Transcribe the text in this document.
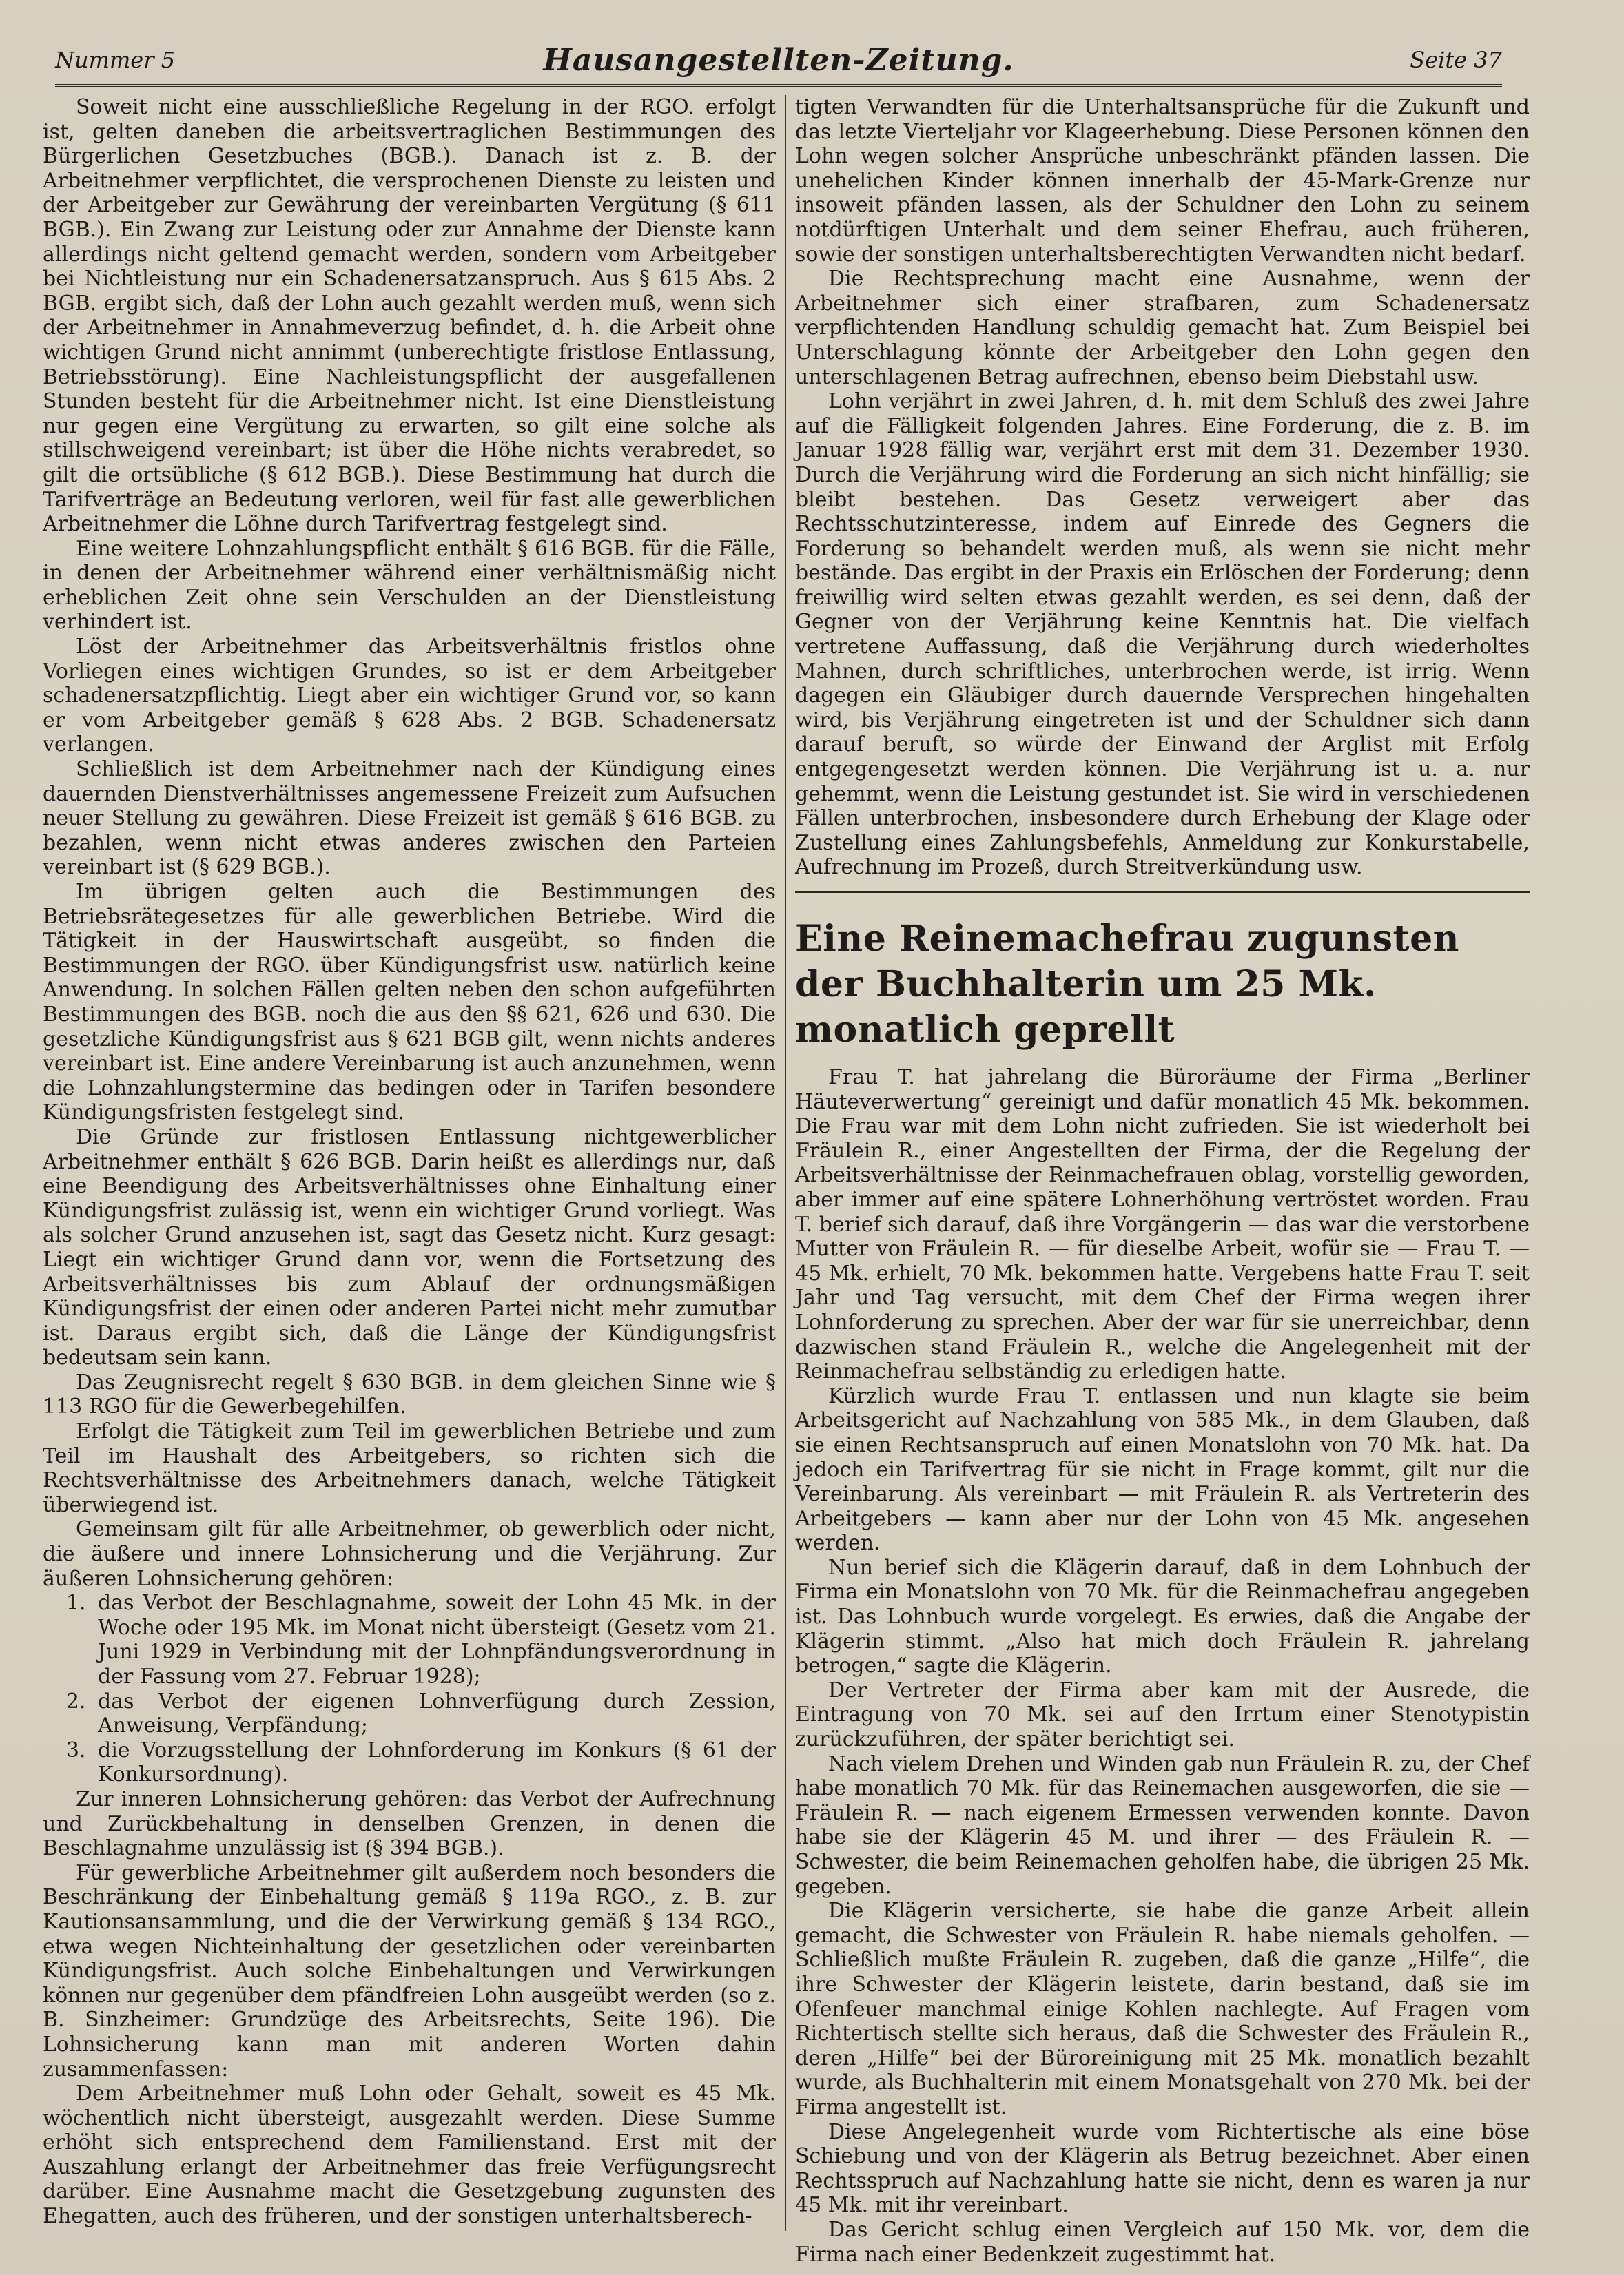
Nummer 5	Hausangestellten-Zeitung.	Seite 37

Soweit nicht eine ausschließliche Regelung in der RGO. erfolgt ist, gelten daneben die arbeitsvertraglichen Bestimmungen des Bürgerlichen Gesetzbuches (BGB.). Danach ist z. B. der Arbeitnehmer verpflichtet, die versprochenen Dienste zu leisten und der Arbeitgeber zur Gewährung der vereinbarten Vergütung (§ 611 BGB.). Ein Zwang zur Leistung oder zur Annahme der Dienste kann allerdings nicht geltend gemacht werden, sondern vom Arbeitgeber bei Nichtleistung nur ein Schadenersatzanspruch. Aus § 615 Abs. 2 BGB. ergibt sich, daß der Lohn auch gezahlt werden muß, wenn sich der Arbeitnehmer in Annahmeverzug befindet, d. h. die Arbeit ohne wichtigen Grund nicht annimmt (unberechtigte fristlose Entlassung, Betriebsstörung). Eine Nachleistungspflicht der ausgefallenen Stunden besteht für die Arbeitnehmer nicht. Ist eine Dienstleistung nur gegen eine Vergütung zu erwarten, so gilt eine solche als stillschweigend vereinbart; ist über die Höhe nichts verabredet, so gilt die ortsübliche (§ 612 BGB.). Diese Bestimmung hat durch die Tarifverträge an Bedeutung verloren, weil für fast alle gewerblichen Arbeitnehmer die Löhne durch Tarifvertrag festgelegt sind.

Eine weitere Lohnzahlungspflicht enthält § 616 BGB. für die Fälle, in denen der Arbeitnehmer während einer verhältnismäßig nicht erheblichen Zeit ohne sein Verschulden an der Dienstleistung verhindert ist.

Löst der Arbeitnehmer das Arbeitsverhältnis fristlos ohne Vorliegen eines wichtigen Grundes, so ist er dem Arbeitgeber schadenersatzpflichtig. Liegt aber ein wichtiger Grund vor, so kann er vom Arbeitgeber gemäß § 628 Abs. 2 BGB. Schadenersatz verlangen.

Schließlich ist dem Arbeitnehmer nach der Kündigung eines dauernden Dienstverhältnisses angemessene Freizeit zum Aufsuchen neuer Stellung zu gewähren. Diese Freizeit ist gemäß § 616 BGB. zu bezahlen, wenn nicht etwas anderes zwischen den Parteien vereinbart ist (§ 629 BGB.).

Im übrigen gelten auch die Bestimmungen des Betriebsrätegesetzes für alle gewerblichen Betriebe. Wird die Tätigkeit in der Hauswirtschaft ausgeübt, so finden die Bestimmungen der RGO. über Kündigungsfrist usw. natürlich keine Anwendung. In solchen Fällen gelten neben den schon aufgeführten Bestimmungen des BGB. noch die aus den §§ 621, 626 und 630. Die gesetzliche Kündigungsfrist aus § 621 BGB gilt, wenn nichts anderes vereinbart ist. Eine andere Vereinbarung ist auch anzunehmen, wenn die Lohnzahlungstermine das bedingen oder in Tarifen besondere Kündigungsfristen festgelegt sind.

Die Gründe zur fristlosen Entlassung nichtgewerblicher Arbeitnehmer enthält § 626 BGB. Darin heißt es allerdings nur, daß eine Beendigung des Arbeitsverhältnisses ohne Einhaltung einer Kündigungsfrist zulässig ist, wenn ein wichtiger Grund vorliegt. Was als solcher Grund anzusehen ist, sagt das Gesetz nicht. Kurz gesagt: Liegt ein wichtiger Grund dann vor, wenn die Fortsetzung des Arbeitsverhältnisses bis zum Ablauf der ordnungsmäßigen Kündigungsfrist der einen oder anderen Partei nicht mehr zumutbar ist. Daraus ergibt sich, daß die Länge der Kündigungsfrist bedeutsam sein kann.

Das Zeugnisrecht regelt § 630 BGB. in dem gleichen Sinne wie § 113 RGO für die Gewerbegehilfen.

Erfolgt die Tätigkeit zum Teil im gewerblichen Betriebe und zum Teil im Haushalt des Arbeitgebers, so richten sich die Rechtsverhältnisse des Arbeitnehmers danach, welche Tätigkeit überwiegend ist.

Gemeinsam gilt für alle Arbeitnehmer, ob gewerblich oder nicht, die äußere und innere Lohnsicherung und die Verjährung. Zur äußeren Lohnsicherung gehören:

1. das Verbot der Beschlagnahme, soweit der Lohn 45 Mk. in der Woche oder 195 Mk. im Monat nicht übersteigt (Gesetz vom 21. Juni 1929 in Verbindung mit der Lohnpfändungsverordnung in der Fassung vom 27. Februar 1928);
2. das Verbot der eigenen Lohnverfügung durch Zession, Anweisung, Verpfändung;
3. die Vorzugsstellung der Lohnforderung im Konkurs (§ 61 der Konkursordnung).

Zur inneren Lohnsicherung gehören: das Verbot der Aufrechnung und Zurückbehaltung in denselben Grenzen, in denen die Beschlagnahme unzulässig ist (§ 394 BGB.).

Für gewerbliche Arbeitnehmer gilt außerdem noch besonders die Beschränkung der Einbehaltung gemäß § 119a RGO., z. B. zur Kautionsansammlung, und die der Verwirkung gemäß § 134 RGO., etwa wegen Nichteinhaltung der gesetzlichen oder vereinbarten Kündigungsfrist. Auch solche Einbehaltungen und Verwirkungen können nur gegenüber dem pfändfreien Lohn ausgeübt werden (so z. B. Sinzheimer: Grundzüge des Arbeitsrechts, Seite 196). Die Lohnsicherung kann man mit anderen Worten dahin zusammenfassen:

Dem Arbeitnehmer muß Lohn oder Gehalt, soweit es 45 Mk. wöchentlich nicht übersteigt, ausgezahlt werden. Diese Summe erhöht sich entsprechend dem Familienstand. Erst mit der Auszahlung erlangt der Arbeitnehmer das freie Verfügungsrecht darüber. Eine Ausnahme macht die Gesetzgebung zugunsten des Ehegatten, auch des früheren, und der sonstigen unterhaltsberech-

tigten Verwandten für die Unterhaltsansprüche für die Zukunft und das letzte Vierteljahr vor Klageerhebung. Diese Personen können den Lohn wegen solcher Ansprüche unbeschränkt pfänden lassen. Die unehelichen Kinder können innerhalb der 45-Mark-Grenze nur insoweit pfänden lassen, als der Schuldner den Lohn zu seinem notdürftigen Unterhalt und dem seiner Ehefrau, auch früheren, sowie der sonstigen unterhaltsberechtigten Verwandten nicht bedarf.

Die Rechtsprechung macht eine Ausnahme, wenn der Arbeitnehmer sich einer strafbaren, zum Schadenersatz verpflichtenden Handlung schuldig gemacht hat. Zum Beispiel bei Unterschlagung könnte der Arbeitgeber den Lohn gegen den unterschlagenen Betrag aufrechnen, ebenso beim Diebstahl usw.

Lohn verjährt in zwei Jahren, d. h. mit dem Schluß des zwei Jahre auf die Fälligkeit folgenden Jahres. Eine Forderung, die z. B. im Januar 1928 fällig war, verjährt erst mit dem 31. Dezember 1930. Durch die Verjährung wird die Forderung an sich nicht hinfällig; sie bleibt bestehen. Das Gesetz verweigert aber das Rechtsschutzinteresse, indem auf Einrede des Gegners die Forderung so behandelt werden muß, als wenn sie nicht mehr bestände. Das ergibt in der Praxis ein Erlöschen der Forderung; denn freiwillig wird selten etwas gezahlt werden, es sei denn, daß der Gegner von der Verjährung keine Kenntnis hat. Die vielfach vertretene Auffassung, daß die Verjährung durch wiederholtes Mahnen, durch schriftliches, unterbrochen werde, ist irrig. Wenn dagegen ein Gläubiger durch dauernde Versprechen hingehalten wird, bis Verjährung eingetreten ist und der Schuldner sich dann darauf beruft, so würde der Einwand der Arglist mit Erfolg entgegengesetzt werden können. Die Verjährung ist u. a. nur gehemmt, wenn die Leistung gestundet ist. Sie wird in verschiedenen Fällen unterbrochen, insbesondere durch Erhebung der Klage oder Zustellung eines Zahlungsbefehls, Anmeldung zur Konkurstabelle, Aufrechnung im Prozeß, durch Streitverkündung usw.

Eine Reinemachefrau zugunsten der Buchhalterin um 25 Mk. monatlich geprellt

Frau T. hat jahrelang die Büroräume der Firma „Berliner Häuteverwertung“ gereinigt und dafür monatlich 45 Mk. bekommen. Die Frau war mit dem Lohn nicht zufrieden. Sie ist wiederholt bei Fräulein R., einer Angestellten der Firma, der die Regelung der Arbeitsverhältnisse der Reinmachefrauen oblag, vorstellig geworden, aber immer auf eine spätere Lohnerhöhung vertröstet worden. Frau T. berief sich darauf, daß ihre Vorgängerin — das war die verstorbene Mutter von Fräulein R. — für dieselbe Arbeit, wofür sie — Frau T. — 45 Mk. erhielt, 70 Mk. bekommen hatte. Vergebens hatte Frau T. seit Jahr und Tag versucht, mit dem Chef der Firma wegen ihrer Lohnforderung zu sprechen. Aber der war für sie unerreichbar, denn dazwischen stand Fräulein R., welche die Angelegenheit mit der Reinmachefrau selbständig zu erledigen hatte.

Kürzlich wurde Frau T. entlassen und nun klagte sie beim Arbeitsgericht auf Nachzahlung von 585 Mk., in dem Glauben, daß sie einen Rechtsanspruch auf einen Monatslohn von 70 Mk. hat. Da jedoch ein Tarifvertrag für sie nicht in Frage kommt, gilt nur die Vereinbarung. Als vereinbart — mit Fräulein R. als Vertreterin des Arbeitgebers — kann aber nur der Lohn von 45 Mk. angesehen werden.

Nun berief sich die Klägerin darauf, daß in dem Lohnbuch der Firma ein Monatslohn von 70 Mk. für die Reinmachefrau angegeben ist. Das Lohnbuch wurde vorgelegt. Es erwies, daß die Angabe der Klägerin stimmt. „Also hat mich doch Fräulein R. jahrelang betrogen,“ sagte die Klägerin.

Der Vertreter der Firma aber kam mit der Ausrede, die Eintragung von 70 Mk. sei auf den Irrtum einer Stenotypistin zurückzuführen, der später berichtigt sei.

Nach vielem Drehen und Winden gab nun Fräulein R. zu, der Chef habe monatlich 70 Mk. für das Reinemachen ausgeworfen, die sie — Fräulein R. — nach eigenem Ermessen verwenden konnte. Davon habe sie der Klägerin 45 M. und ihrer — des Fräulein R. — Schwester, die beim Reinemachen geholfen habe, die übrigen 25 Mk. gegeben.

Die Klägerin versicherte, sie habe die ganze Arbeit allein gemacht, die Schwester von Fräulein R. habe niemals geholfen. — Schließlich mußte Fräulein R. zugeben, daß die ganze „Hilfe“, die ihre Schwester der Klägerin leistete, darin bestand, daß sie im Ofenfeuer manchmal einige Kohlen nachlegte. Auf Fragen vom Richtertisch stellte sich heraus, daß die Schwester des Fräulein R., deren „Hilfe“ bei der Büroreinigung mit 25 Mk. monatlich bezahlt wurde, als Buchhalterin mit einem Monatsgehalt von 270 Mk. bei der Firma angestellt ist.

Diese Angelegenheit wurde vom Richtertische als eine böse Schiebung und von der Klägerin als Betrug bezeichnet. Aber einen Rechtsspruch auf Nachzahlung hatte sie nicht, denn es waren ja nur 45 Mk. mit ihr vereinbart.

Das Gericht schlug einen Vergleich auf 150 Mk. vor, dem die Firma nach einer Bedenkzeit zugestimmt hat.
